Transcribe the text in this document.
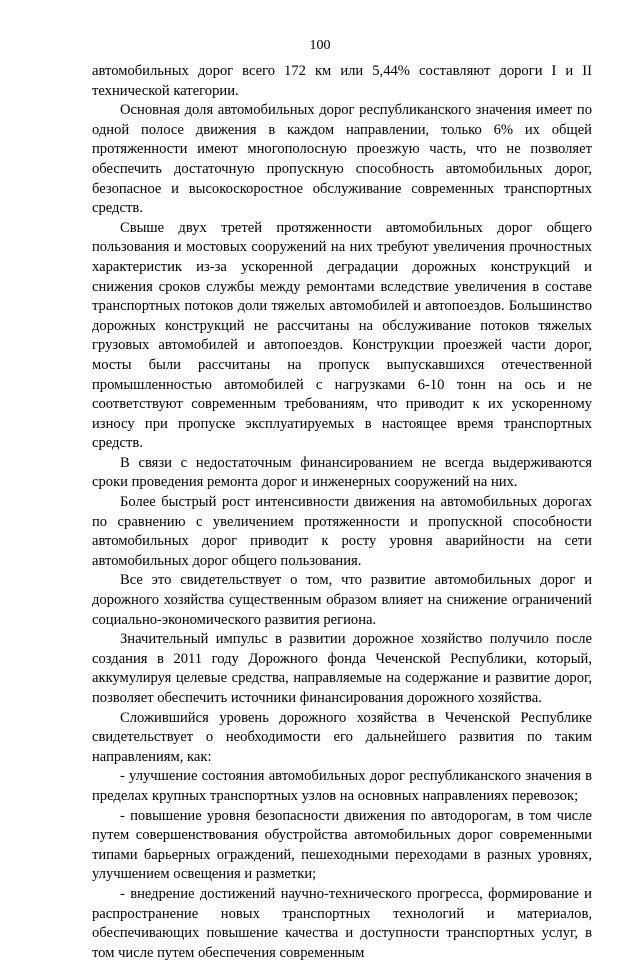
100

автомобильных дорог всего 172 км или 5,44% составляют дороги I и II технической категории.

Основная доля автомобильных дорог республиканского значения имеет по одной полосе движения в каждом направлении, только 6% их общей протяженности имеют многополосную проезжую часть, что не позволяет обеспечить достаточную пропускную способность автомобильных дорог, безопасное и высокоскоростное обслуживание современных транспортных средств.

Свыше двух третей протяженности автомобильных дорог общего пользования и мостовых сооружений на них требуют увеличения прочностных характеристик из-за ускоренной деградации дорожных конструкций и снижения сроков службы между ремонтами вследствие увеличения в составе транспортных потоков доли тяжелых автомобилей и автопоездов. Большинство дорожных конструкций не рассчитаны на обслуживание потоков тяжелых грузовых автомобилей и автопоездов. Конструкции проезжей части дорог, мосты были рассчитаны на пропуск выпускавшихся отечественной промышленностью автомобилей с нагрузками 6-10 тонн на ось и не соответствуют современным требованиям, что приводит к их ускоренному износу при пропуске эксплуатируемых в настоящее время транспортных средств.

В связи с недостаточным финансированием не всегда выдерживаются сроки проведения ремонта дорог и инженерных сооружений на них.

Более быстрый рост интенсивности движения на автомобильных дорогах по сравнению с увеличением протяженности и пропускной способности автомобильных дорог приводит к росту уровня аварийности на сети автомобильных дорог общего пользования.

Все это свидетельствует о том, что развитие автомобильных дорог и дорожного хозяйства существенным образом влияет на снижение ограничений социально-экономического развития региона.

Значительный импульс в развитии дорожное хозяйство получило после создания в 2011 году Дорожного фонда Чеченской Республики, который, аккумулируя целевые средства, направляемые на содержание и развитие дорог, позволяет обеспечить источники финансирования дорожного хозяйства.

Сложившийся уровень дорожного хозяйства в Чеченской Республике свидетельствует о необходимости его дальнейшего развития по таким направлениям, как:

- улучшение состояния автомобильных дорог республиканского значения в пределах крупных транспортных узлов на основных направлениях перевозок;

- повышение уровня безопасности движения по автодорогам, в том числе путем совершенствования обустройства автомобильных дорог современными типами барьерных ограждений, пешеходными переходами в разных уровнях, улучшением освещения и разметки;

- внедрение достижений научно-технического прогресса, формирование и распространение новых транспортных технологий и материалов, обеспечивающих повышение качества и доступности транспортных услуг, в том числе путем обеспечения современным
